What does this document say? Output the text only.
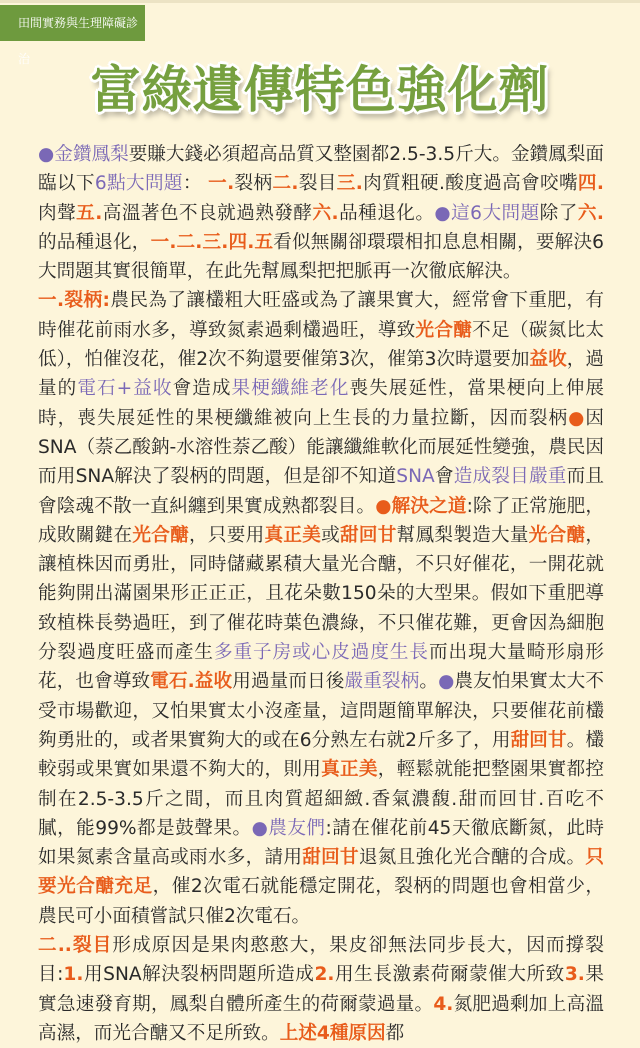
田間實務與生理障礙診治
富綠遺傳特色強化劑

●金鑽鳳梨要賺大錢必須超高品質又整園都2.5-3.5斤大。金鑽鳳梨面臨以下6點大問題： 一.裂柄二.裂目三.肉質粗硬.酸度過高會咬嘴四.肉聲五.高溫著色不良就過熟發酵六.品種退化。●這6大問題除了六.的品種退化，一.二.三.四.五看似無關卻環環相扣息息相關，要解決6大問題其實很簡單，在此先幫鳳梨把把脈再一次徹底解決。

一.裂柄:農民為了讓欉粗大旺盛或為了讓果實大，經常會下重肥，有時催花前雨水多，導致氮素過剩欉過旺，導致光合醣不足（碳氮比太低），怕催沒花，催2次不夠還要催第3次，催第3次時還要加益收，過量的電石+益收會造成果梗纖維老化喪失展延性，當果梗向上伸展時，喪失展延性的果梗纖維被向上生長的力量拉斷，因而裂柄●因SNA（萘乙酸鈉-水溶性萘乙酸）能讓纖維軟化而展延性變強，農民因而用SNA解決了裂柄的問題，但是卻不知道SNA會造成裂目嚴重而且會陰魂不散一直糾纏到果實成熟都裂目。●解決之道:除了正常施肥，成敗關鍵在光合醣，只要用真正美或甜回甘幫鳳梨製造大量光合醣，讓植株因而勇壯，同時儲藏累積大量光合醣，不只好催花，一開花就能夠開出滿園果形正正正，且花朵數150朵的大型果。假如下重肥導致植株長勢過旺，到了催花時葉色濃綠，不只催花難，更會因為細胞分裂過度旺盛而產生多重子房或心皮過度生長而出現大量畸形扇形花，也會導致電石.益收用過量而日後嚴重裂柄。●農友怕果實太大不受市場歡迎，又怕果實太小沒產量，這問題簡單解決，只要催花前欉夠勇壯的，或者果實夠大的或在6分熟左右就2斤多了，用甜回甘。欉較弱或果實如果還不夠大的，則用真正美，輕鬆就能把整園果實都控制在2.5-3.5斤之間，而且肉質超細緻.香氣濃馥.甜而回甘.百吃不膩，能99%都是鼓聲果。●農友們:請在催花前45天徹底斷氮，此時如果氮素含量高或雨水多，請用甜回甘退氮且強化光合醣的合成。只要光合醣充足，催2次電石就能穩定開花，裂柄的問題也會相當少，農民可小面積嘗試只催2次電石。

二..裂目形成原因是果肉憨憨大，果皮卻無法同步長大，因而撐裂目:1.用SNA解決裂柄問題所造成2.用生長激素荷爾蒙催大所致3.果實急速發育期，鳳梨自體所產生的荷爾蒙過量。4.氮肥過剩加上高溫高濕，而光合醣又不足所致。上述4種原因都
